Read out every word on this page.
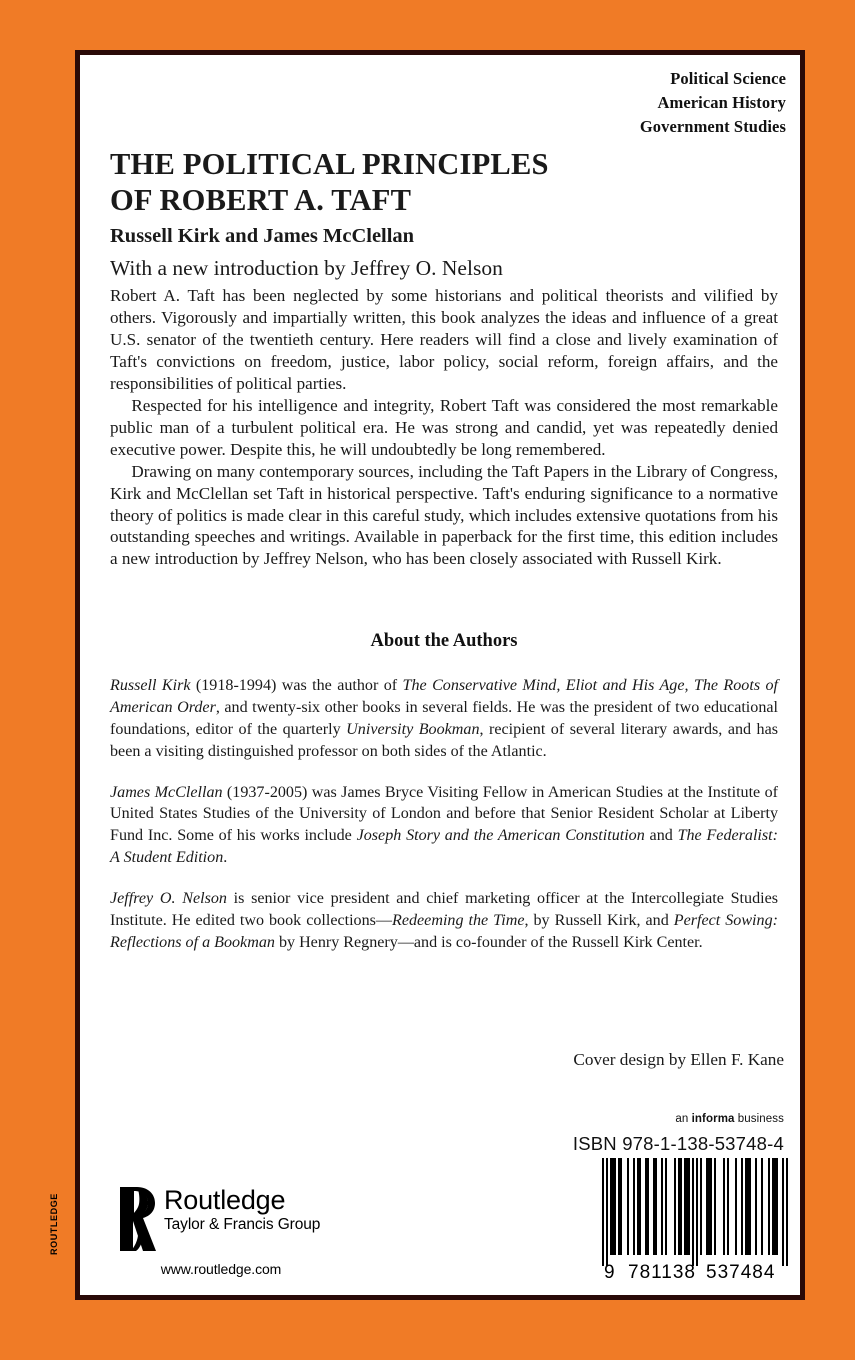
Political Science
American History
Government Studies
THE POLITICAL PRINCIPLES
OF ROBERT A. TAFT
Russell Kirk and James McClellan
With a new introduction by Jeffrey O. Nelson

Robert A. Taft has been neglected by some historians and political theorists and vilified by others. Vigorously and impartially written, this book analyzes the ideas and influence of a great U.S. senator of the twentieth century. Here readers will find a close and lively examination of Taft's convictions on freedom, justice, labor policy, social reform, foreign affairs, and the responsibilities of political parties.

Respected for his intelligence and integrity, Robert Taft was considered the most remarkable public man of a turbulent political era. He was strong and candid, yet was repeatedly denied executive power. Despite this, he will undoubtedly be long remembered.

Drawing on many contemporary sources, including the Taft Papers in the Library of Congress, Kirk and McClellan set Taft in historical perspective. Taft's enduring significance to a normative theory of politics is made clear in this careful study, which includes extensive quotations from his outstanding speeches and writings. Available in paperback for the first time, this edition includes a new introduction by Jeffrey Nelson, who has been closely associated with Russell Kirk.

About the Authors

Russell Kirk (1918-1994) was the author of The Conservative Mind, Eliot and His Age, The Roots of American Order, and twenty-six other books in several fields. He was the president of two educational foundations, editor of the quarterly University Bookman, recipient of several literary awards, and has been a visiting distinguished professor on both sides of the Atlantic.

James McClellan (1937-2005) was James Bryce Visiting Fellow in American Studies at the Institute of United States Studies of the University of London and before that Senior Resident Scholar at Liberty Fund Inc. Some of his works include Joseph Story and the American Constitution and The Federalist: A Student Edition.

Jeffrey O. Nelson is senior vice president and chief marketing officer at the Intercollegiate Studies Institute. He edited two book collections—Redeeming the Time, by Russell Kirk, and Perfect Sowing: Reflections of a Bookman by Henry Regnery—and is co-founder of the Russell Kirk Center.

Cover design by Ellen F. Kane
an informa business
ISBN 978-1-138-53748-4
9 781138 537484
ROUTLEDGE	Routledge
Taylor & Francis Group
www.routledge.com
